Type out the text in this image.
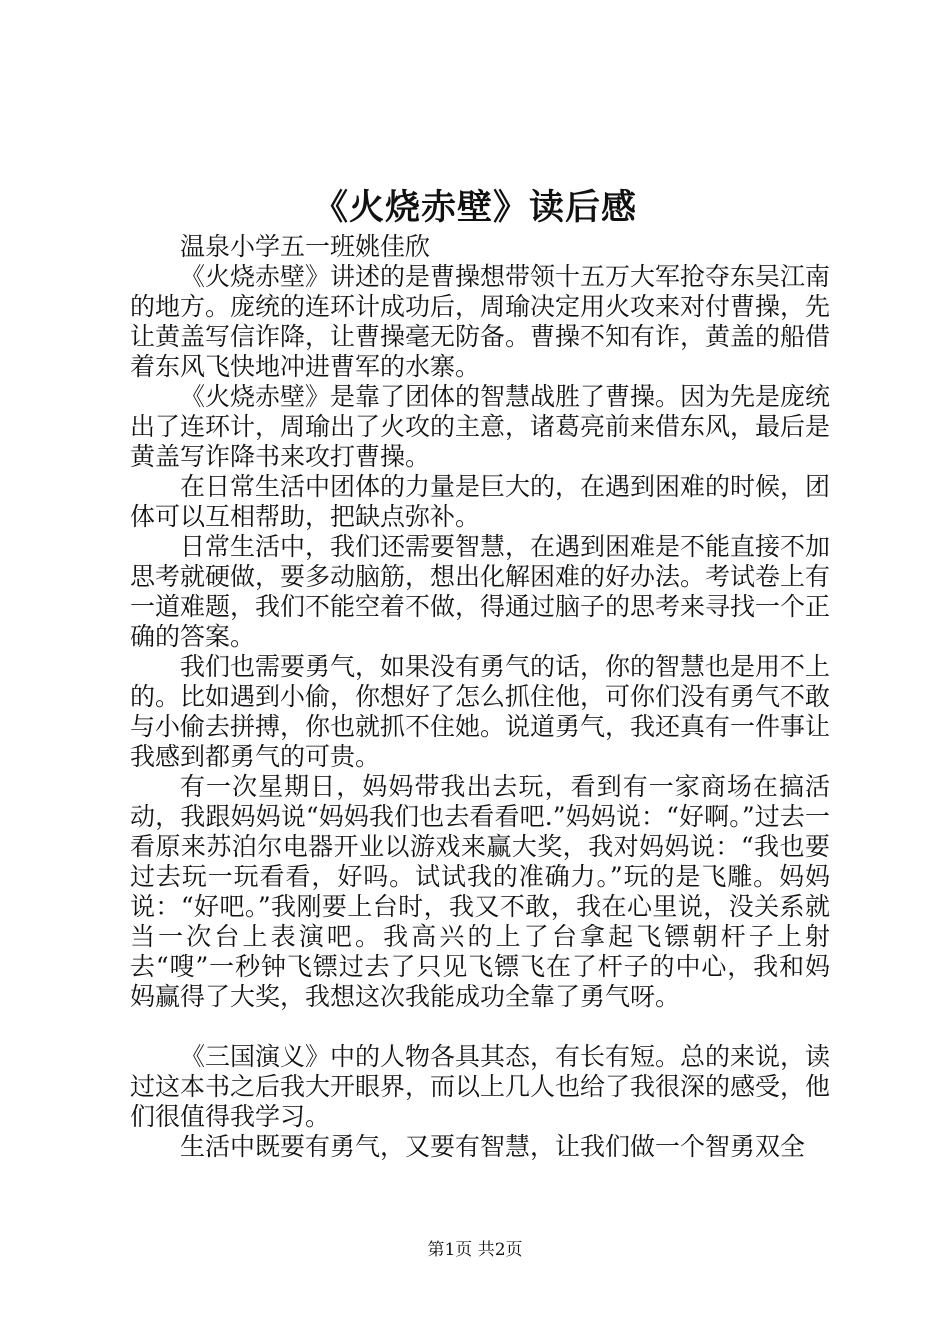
《火烧赤壁》读后感

温泉小学五一班姚佳欣

《火烧赤壁》讲述的是曹操想带领十五万大军抢夺东吴江南的地方。庞统的连环计成功后，周瑜决定用火攻来对付曹操，先让黄盖写信诈降，让曹操毫无防备。曹操不知有诈，黄盖的船借着东风飞快地冲进曹军的水寨。

《火烧赤壁》是靠了团体的智慧战胜了曹操。因为先是庞统出了连环计，周瑜出了火攻的主意，诸葛亮前来借东风，最后是黄盖写诈降书来攻打曹操。

在日常生活中团体的力量是巨大的，在遇到困难的时候，团体可以互相帮助，把缺点弥补。

日常生活中，我们还需要智慧，在遇到困难是不能直接不加思考就硬做，要多动脑筋，想出化解困难的好办法。考试卷上有一道难题，我们不能空着不做，得通过脑子的思考来寻找一个正确的答案。

我们也需要勇气，如果没有勇气的话，你的智慧也是用不上的。比如遇到小偷，你想好了怎么抓住他，可你们没有勇气不敢与小偷去拼搏，你也就抓不住她。说道勇气，我还真有一件事让我感到都勇气的可贵。

有一次星期日，妈妈带我出去玩，看到有一家商场在搞活动，我跟妈妈说“妈妈我们也去看看吧.”妈妈说：“好啊。”过去一看原来苏泊尔电器开业以游戏来赢大奖，我对妈妈说：“我也要过去玩一玩看看，好吗。试试我的准确力。”玩的是飞雕。妈妈说：“好吧。”我刚要上台时，我又不敢，我在心里说，没关系就当一次台上表演吧。我高兴的上了台拿起飞镖朝杆子上射去“嗖”一秒钟飞镖过去了只见飞镖飞在了杆子的中心，我和妈妈赢得了大奖，我想这次我能成功全靠了勇气呀。

《三国演义》中的人物各具其态，有长有短。总的来说，读过这本书之后我大开眼界，而以上几人也给了我很深的感受，他们很值得我学习。

生活中既要有勇气，又要有智慧，让我们做一个智勇双全

第1页 共2页
